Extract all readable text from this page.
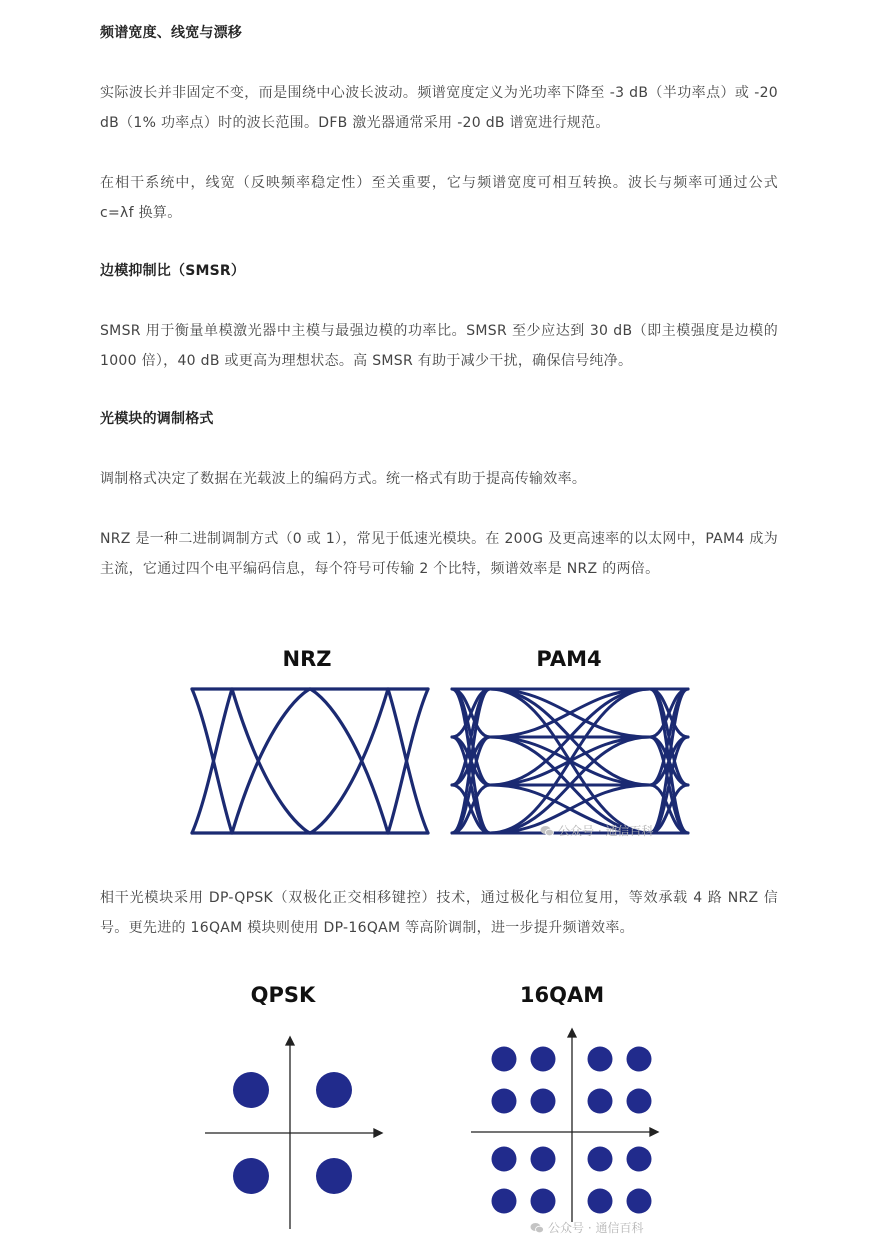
频谱宽度、线宽与漂移

实际波长并非固定不变，而是围绕中心波长波动。频谱宽度定义为光功率下降至 -3 dB（半功率点）或 -20 dB（1% 功率点）时的波长范围。DFB 激光器通常采用 -20 dB 谱宽进行规范。

在相干系统中，线宽（反映频率稳定性）至关重要，它与频谱宽度可相互转换。波长与频率可通过公式 c=λf 换算。

边模抑制比（SMSR）

SMSR 用于衡量单模激光器中主模与最强边模的功率比。SMSR 至少应达到 30 dB（即主模强度是边模的 1000 倍），40 dB 或更高为理想状态。高 SMSR 有助于减少干扰，确保信号纯净。

光模块的调制格式

调制格式决定了数据在光载波上的编码方式。统一格式有助于提高传输效率。

NRZ 是一种二进制调制方式（0 或 1），常见于低速光模块。在 200G 及更高速率的以太网中，PAM4 成为主流，它通过四个电平编码信息，每个符号可传输 2 个比特，频谱效率是 NRZ 的两倍。

NRZ	PAM4
公众号 · 通信百科

相干光模块采用 DP-QPSK（双极化正交相移键控）技术，通过极化与相位复用，等效承载 4 路 NRZ 信号。更先进的 16QAM 模块则使用 DP-16QAM 等高阶调制，进一步提升频谱效率。

QPSK	16QAM
公众号 · 通信百科
